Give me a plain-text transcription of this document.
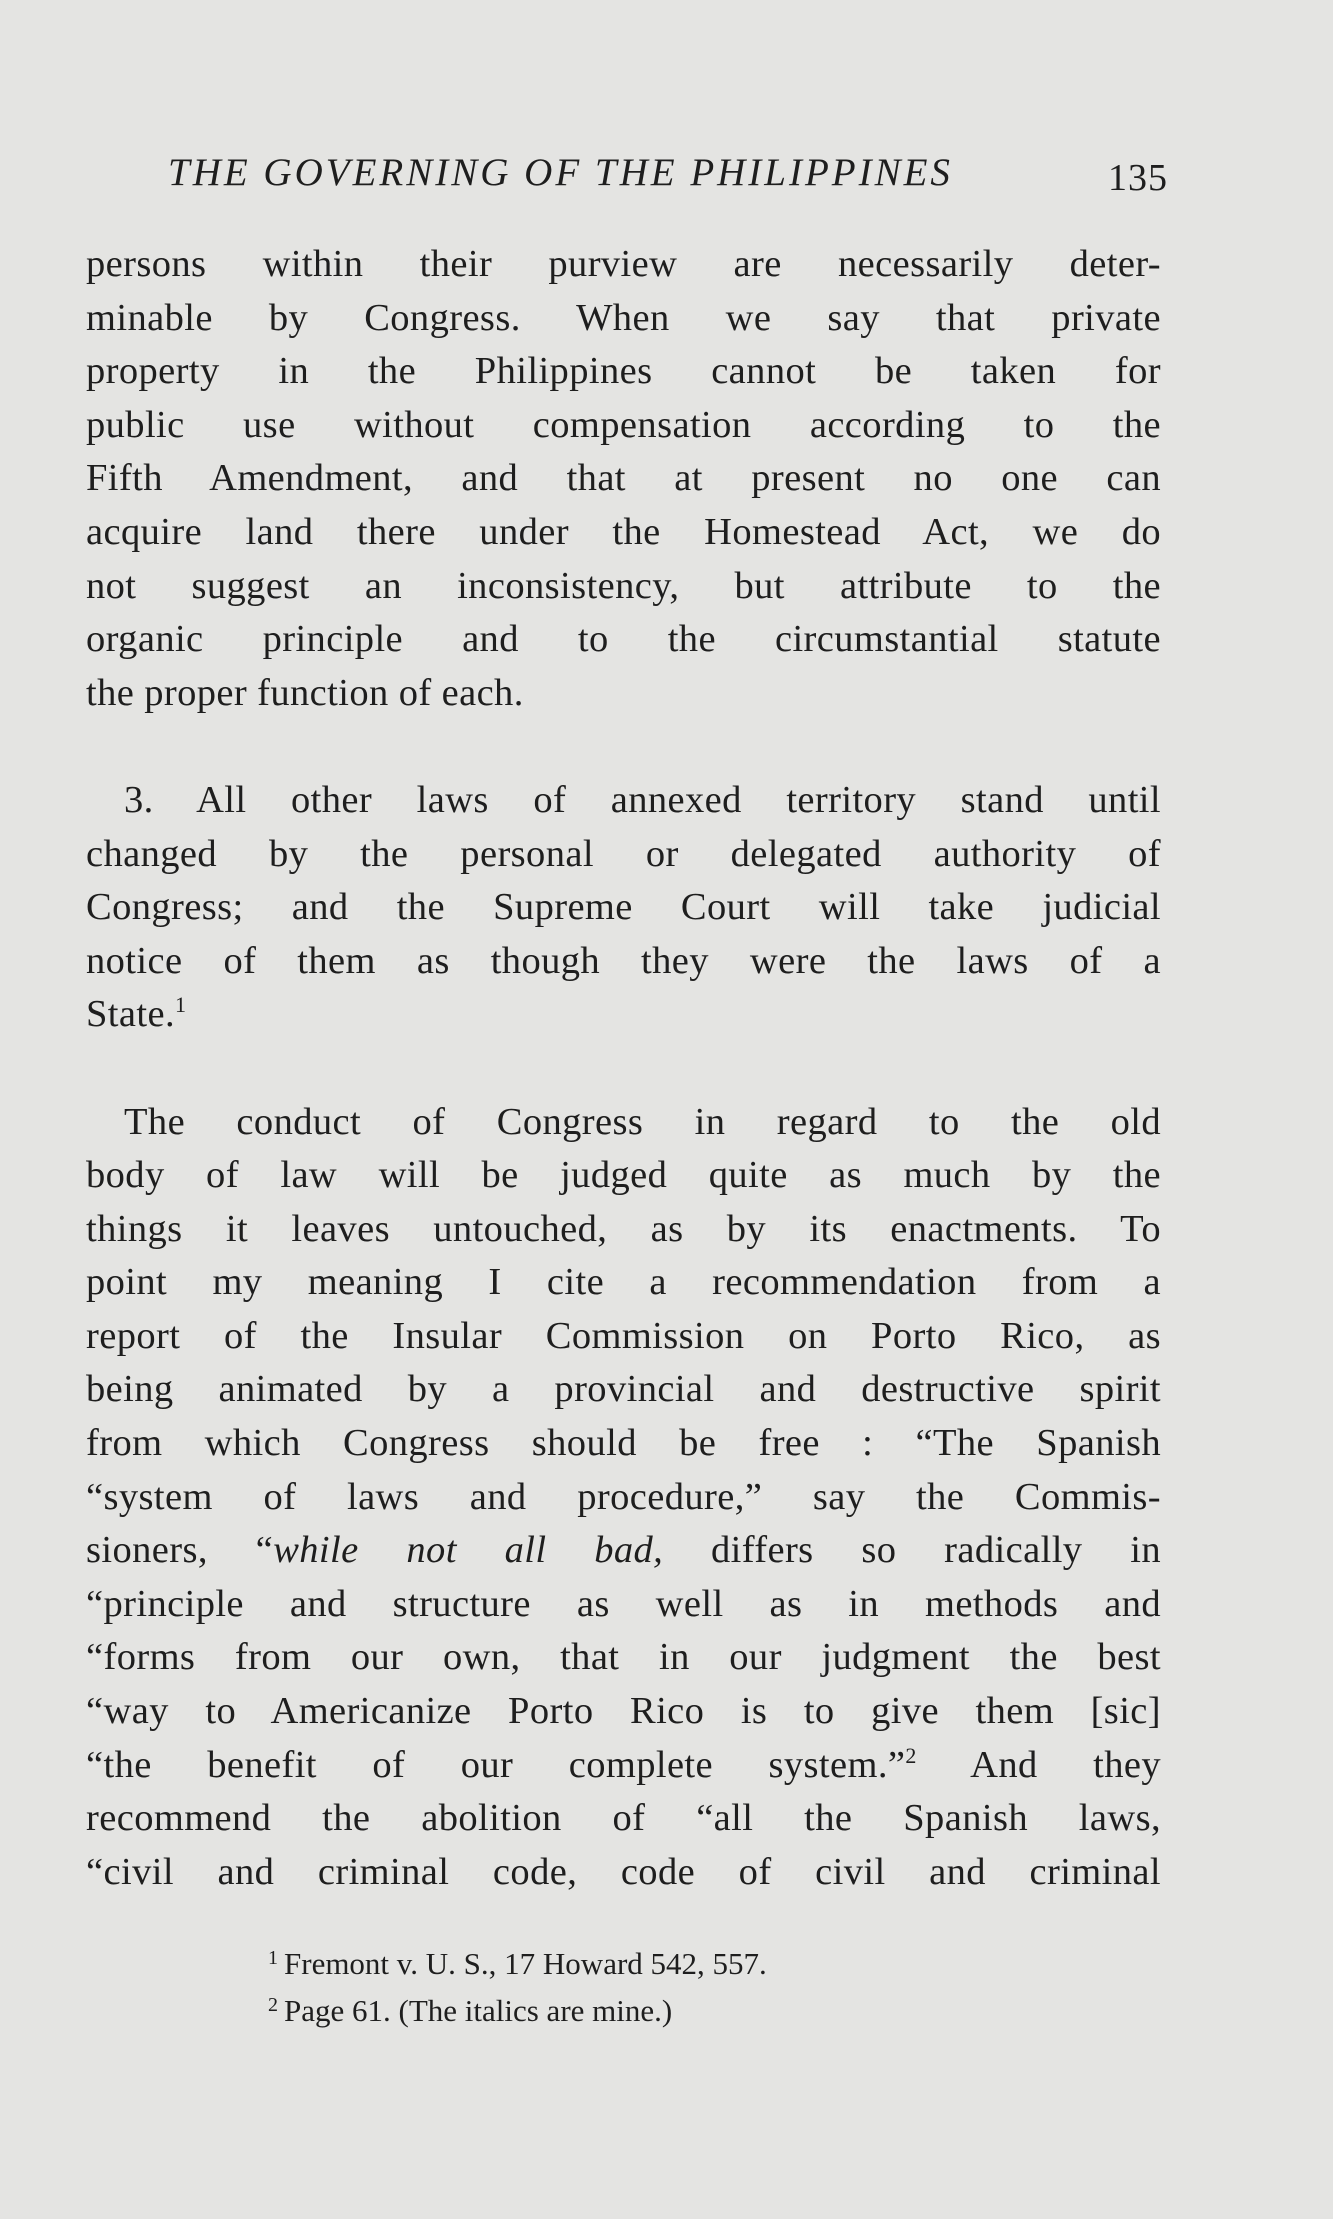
THE GOVERNING OF THE PHILIPPINES	135
persons within their purview are necessarily deter-
minable by Congress. When we say that private
property in the Philippines cannot be taken for
public use without compensation according to the
Fifth Amendment, and that at present no one can
acquire land there under the Homestead Act, we do
not suggest an inconsistency, but attribute to the
organic principle and to the circumstantial statute
the proper function of each.
3. All other laws of annexed territory stand until
changed by the personal or delegated authority of
Congress; and the Supreme Court will take judicial
notice of them as though they were the laws of a
State.$^1$
The conduct of Congress in regard to the old
body of law will be judged quite as much by the
things it leaves untouched, as by its enactments. To
point my meaning I cite a recommendation from a
report of the Insular Commission on Porto Rico, as
being animated by a provincial and destructive spirit
from which Congress should be free : “The Spanish
“system of laws and procedure,” say the Commis-
sioners, “while not all bad, differs so radically in
“principle and structure as well as in methods and
“forms from our own, that in our judgment the best
“way to Americanize Porto Rico is to give them [sic]
“the benefit of our complete system.”$^2$ And they
recommend the abolition of “all the Spanish laws,
“civil and criminal code, code of civil and criminal
$^1$ Fremont v. U. S., 17 Howard 542, 557.
$^2$ Page 61. (The italics are mine.)
